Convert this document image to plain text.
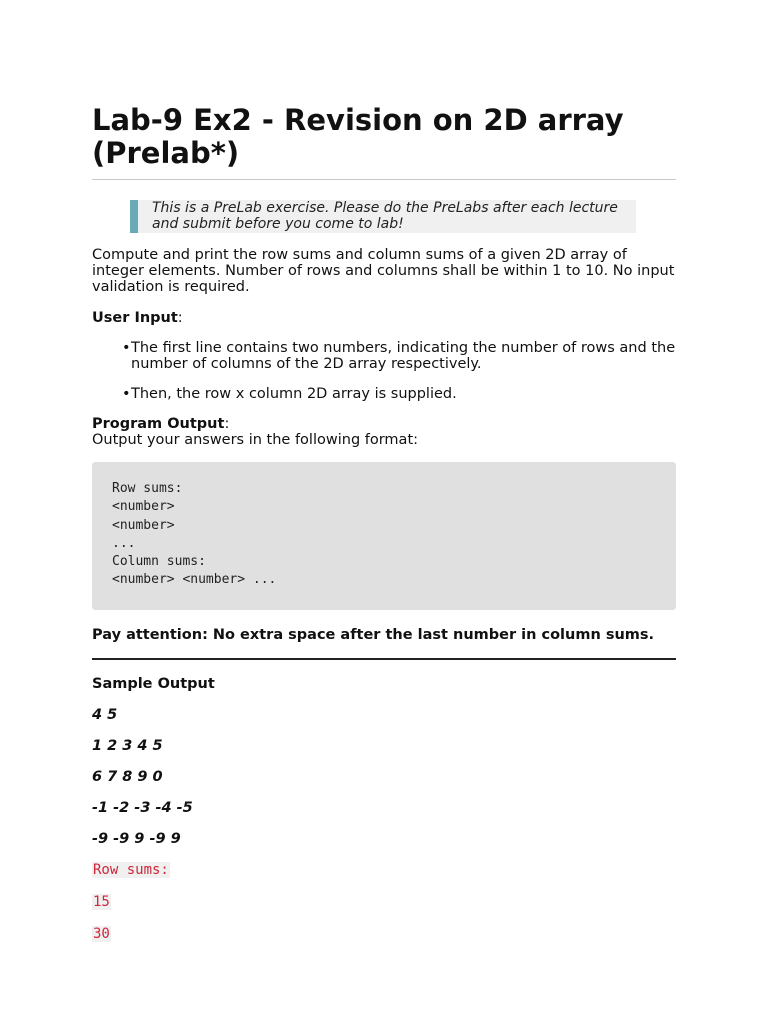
Lab-9 Ex2 - Revision on 2D array (Prelab*)
This is a PreLab exercise. Please do the PreLabs after each lecture and submit before you come to lab!

Compute and print the row sums and column sums of a given 2D array of integer elements. Number of rows and columns shall be within 1 to 10. No input validation is required.

User Input:

• The first line contains two numbers, indicating the number of rows and the number of columns of the 2D array respectively.
• Then, the row x column 2D array is supplied.

Program Output:

Output your answers in the following format:

Row sums:
<number>
<number>
...
Column sums:
<number> <number> ...

Pay attention: No extra space after the last number in column sums.

Sample Output

4 5

1 2 3 4 5

6 7 8 9 0

-1 -2 -3 -4 -5

-9 -9 9 -9 9

Row sums:

15

30
